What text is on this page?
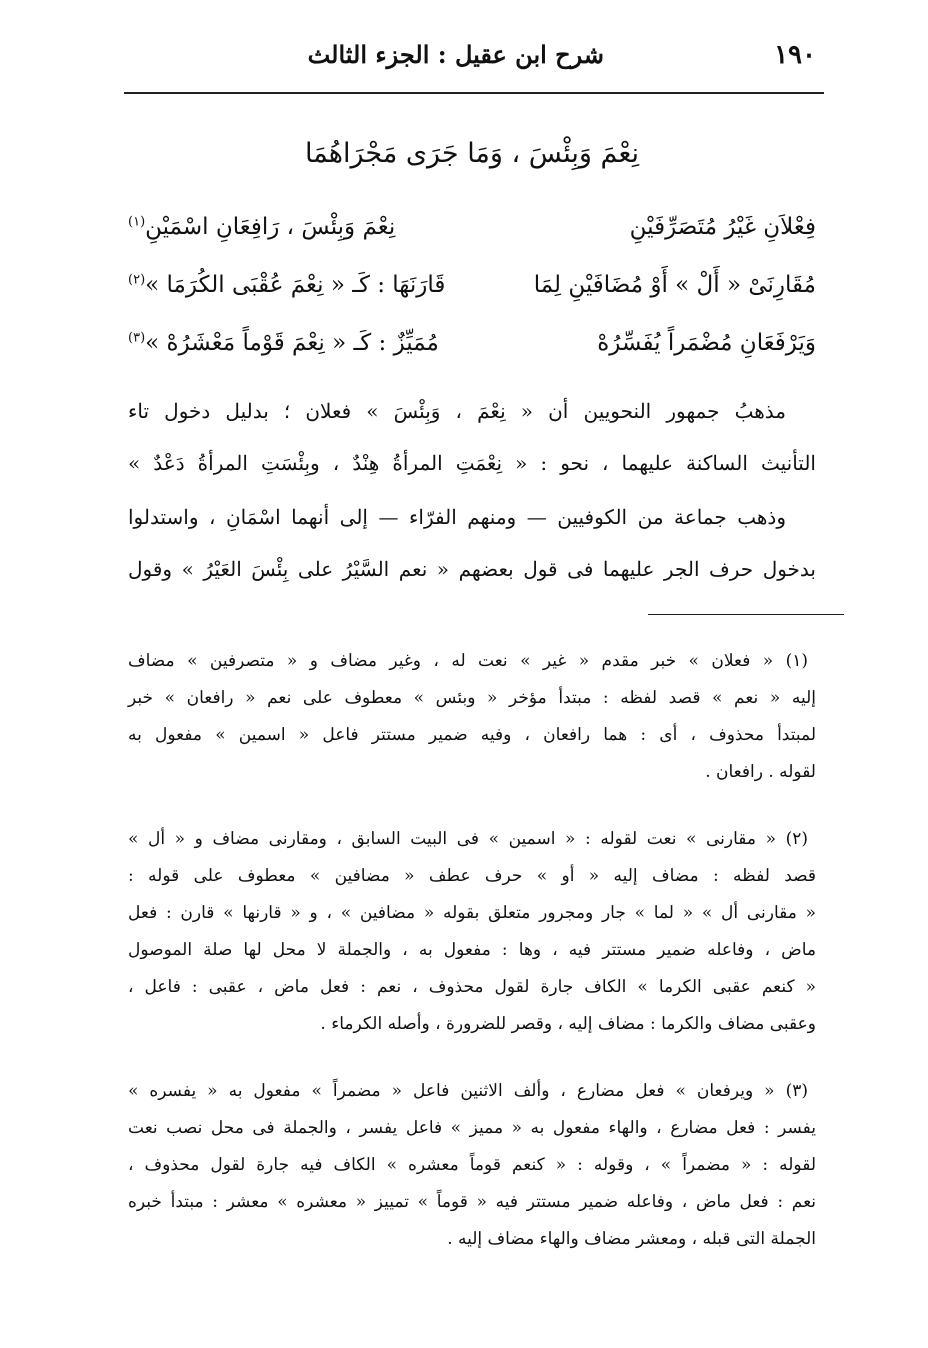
١٩٠
شرح ابن عقيل : الجزء الثالث
نِعْمَ وَبِئْسَ ، وَمَا جَرَى مَجْرَاهُمَا
فِعْلاَنِ غَيْرُ مُتَصَرِّفَيْنِ
نِعْمَ وَبِئْسَ ، رَافِعَانِ اسْمَيْنِ$^{(١)}$
مُقَارِنَىْ « أَلْ » أَوْ مُضَافَيْنِ لِمَا
قَارَنَهَا : كَـ « نِعْمَ عُقْبَى الكُرَمَا »$^{(٢)}$
وَيَرْفَعَانِ مُضْمَراً يُفَسِّرُهْ
مُمَيِّزٌ : كَـ « نِعْمَ قَوْماً مَعْشَرُهْ »$^{(٣)}$
مذهبُ جمهور النحويين أن « نِعْمَ ، وَبِئْسَ » فعلان ؛ بدليل دخول تاء
التأنيث الساكنة عليهما ، نحو : « نِعْمَتِ المرأةُ هِنْدٌ ، وبِئْسَتِ المرأةُ دَعْدٌ »
وذهب جماعة من الكوفيين — ومنهم الفرّاء — إلى أنهما اسْمَانِ ، واستدلوا
بدخول حرف الجر عليهما فى قول بعضهم « نعم السَّيْرُ على بِئْسَ العَيْرُ » وقول
(١) « فعلان » خبر مقدم « غير » نعت له ، وغير مضاف و « متصرفين » مضاف
إليه « نعم » قصد لفظه : مبتدأ مؤخر « وبئس » معطوف على نعم « رافعان » خبر
لمبتدأ محذوف ، أى : هما رافعان ، وفيه ضمير مستتر فاعل « اسمين » مفعول به
لقوله . رافعان .
(٢) « مقارنى » نعت لقوله : « اسمين » فى البيت السابق ، ومقارنى مضاف و « أل »
قصد لفظه : مضاف إليه « أو » حرف عطف « مضافين » معطوف على قوله :
« مقارنى أل » « لما » جار ومجرور متعلق بقوله « مضافين » ، و « قارنها » قارن : فعل
ماض ، وفاعله ضمير مستتر فيه ، وها : مفعول به ، والجملة لا محل لها صلة الموصول
« كنعم عقبى الكرما » الكاف جارة لقول محذوف ، نعم : فعل ماض ، عقبى : فاعل ،
وعقبى مضاف والكرما : مضاف إليه ، وقصر للضرورة ، وأصله الكرماء .
(٣) « ويرفعان » فعل مضارع ، وألف الاثنين فاعل « مضمراً » مفعول به « يفسره »
يفسر : فعل مضارع ، والهاء مفعول به « مميز » فاعل يفسر ، والجملة فى محل نصب نعت
لقوله : « مضمراً » ، وقوله : « كنعم قوماً معشره » الكاف فيه جارة لقول محذوف ،
نعم : فعل ماض ، وفاعله ضمير مستتر فيه « قوماً » تمييز « معشره » معشر : مبتدأ خبره
الجملة التى قبله ، ومعشر مضاف والهاء مضاف إليه .
